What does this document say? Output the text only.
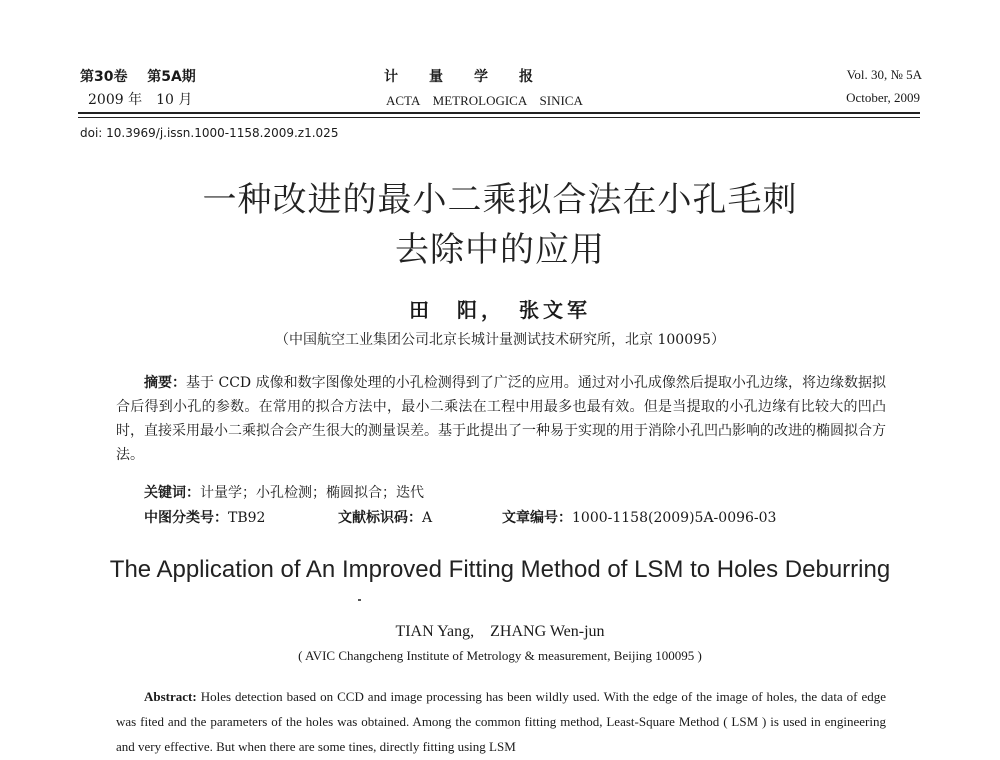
第30卷 第5A期
2009 年　10 月
计　　量　　学　　报
ACTA　METROLOGICA　SINICA
Vol. 30, № 5A
October, 2009
doi: 10.3969/j.issn.1000-1158.2009.z1.025
一种改进的最小二乘拟合法在小孔毛刺
去除中的应用
田　阳，　张文军
（中国航空工业集团公司北京长城计量测试技术研究所，北京 100095）

摘要：基于 CCD 成像和数字图像处理的小孔检测得到了广泛的应用。通过对小孔成像然后提取小孔边缘，将边缘数据拟合后得到小孔的参数。在常用的拟合方法中，最小二乘法在工程中用最多也最有效。但是当提取的小孔边缘有比较大的凹凸时，直接采用最小二乘拟合会产生很大的测量误差。基于此提出了一种易于实现的用于消除小孔凹凸影响的改进的椭圆拟合方法。

关键词：计量学；小孔检测；椭圆拟合；迭代
中图分类号：TB92	文献标识码：A	文章编号：1000-1158(2009)5A-0096-03
The Application of An Improved Fitting Method of LSM to Holes Deburring
TIAN Yang,　ZHANG Wen-jun
( AVIC Changcheng Institute of Metrology & measurement, Beijing 100095 )

Abstract: Holes detection based on CCD and image processing has been wildly used. With the edge of the image of holes, the data of edge was fited and the parameters of the holes was obtained. Among the common fitting method, Least-Square Method ( LSM ) is used in engineering and very effective. But when there are some tines, directly fitting using LSM
